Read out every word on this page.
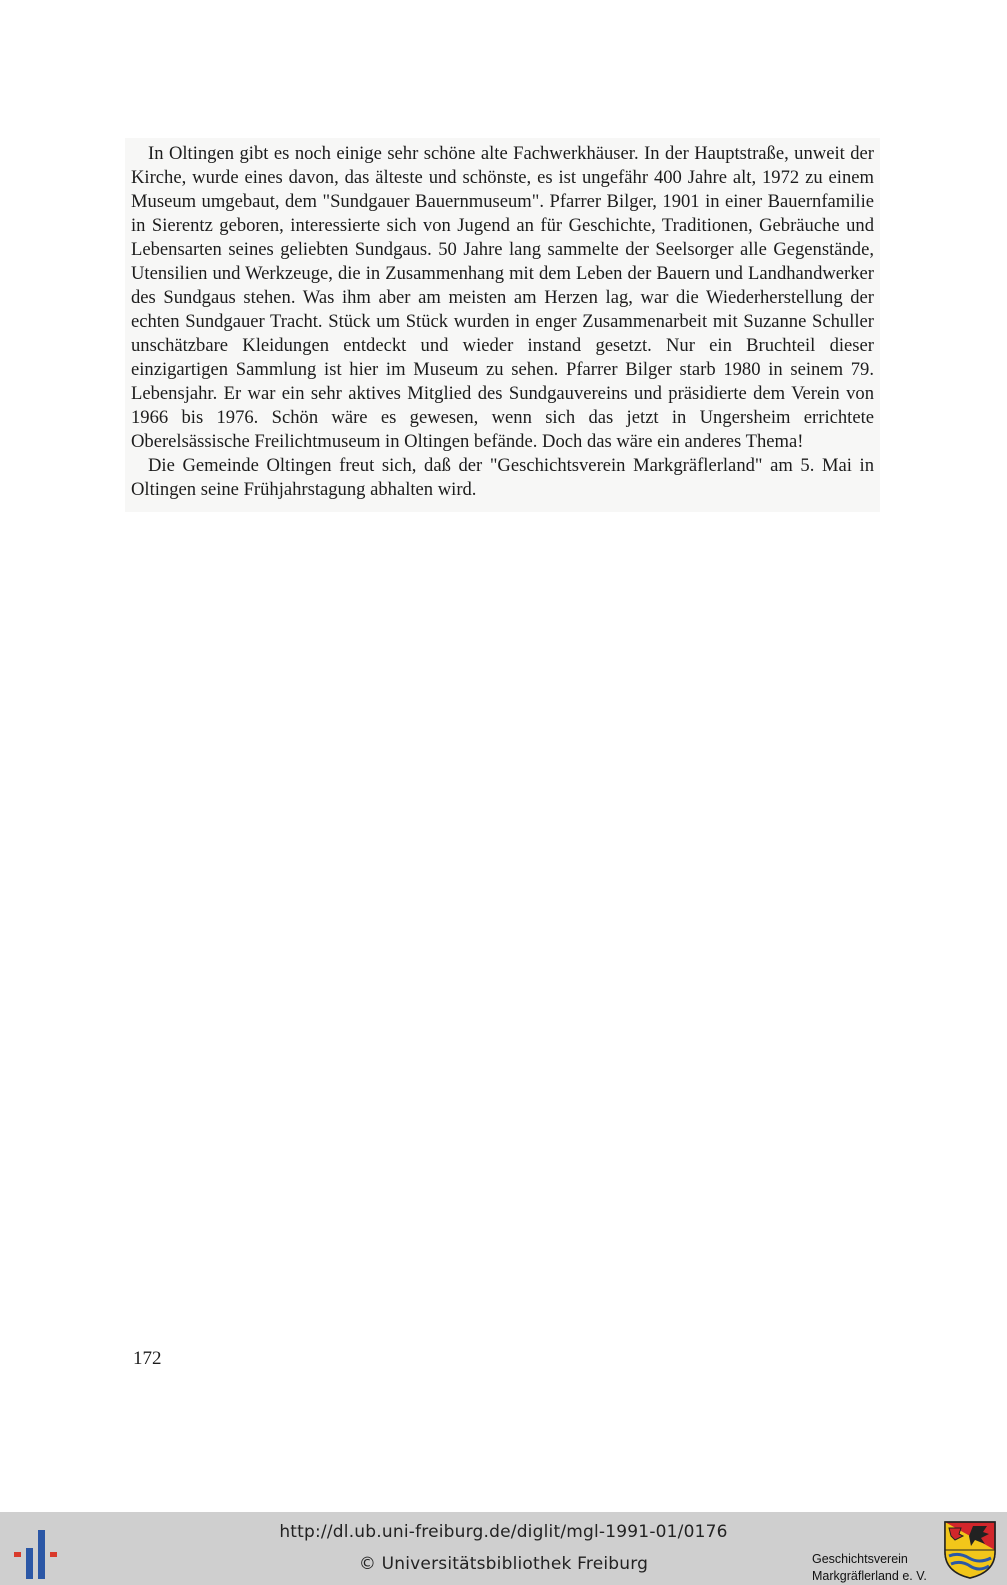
In Oltingen gibt es noch einige sehr schöne alte Fachwerkhäuser. In der Hauptstraße, unweit der Kirche, wurde eines davon, das älteste und schönste, es ist ungefähr 400 Jahre alt, 1972 zu einem Museum umgebaut, dem "Sundgauer Bauernmuseum". Pfarrer Bilger, 1901 in einer Bauernfamilie in Sierentz geboren, interessierte sich von Jugend an für Geschichte, Traditionen, Gebräuche und Lebensarten seines geliebten Sundgaus. 50 Jahre lang sammelte der Seelsorger alle Gegenstände, Utensilien und Werkzeuge, die in Zusammenhang mit dem Leben der Bauern und Landhandwerker des Sundgaus stehen. Was ihm aber am meisten am Herzen lag, war die Wiederherstellung der echten Sundgauer Tracht. Stück um Stück wurden in enger Zusammenarbeit mit Suzanne Schuller unschätzbare Kleidungen entdeckt und wieder instand gesetzt. Nur ein Bruchteil dieser einzigartigen Sammlung ist hier im Museum zu sehen. Pfarrer Bilger starb 1980 in seinem 79. Lebensjahr. Er war ein sehr aktives Mitglied des Sundgauvereins und präsidierte dem Verein von 1966 bis 1976. Schön wäre es gewesen, wenn sich das jetzt in Ungersheim errichtete Oberelsässische Freilichtmuseum in Oltingen befände. Doch das wäre ein anderes Thema!

Die Gemeinde Oltingen freut sich, daß der "Geschichtsverein Markgräflerland" am 5. Mai in Oltingen seine Frühjahrstagung abhalten wird.

172
http://dl.ub.uni-freiburg.de/diglit/mgl-1991-01/0176
© Universitätsbibliothek Freiburg	Geschichtsverein
Markgräflerland e. V.
